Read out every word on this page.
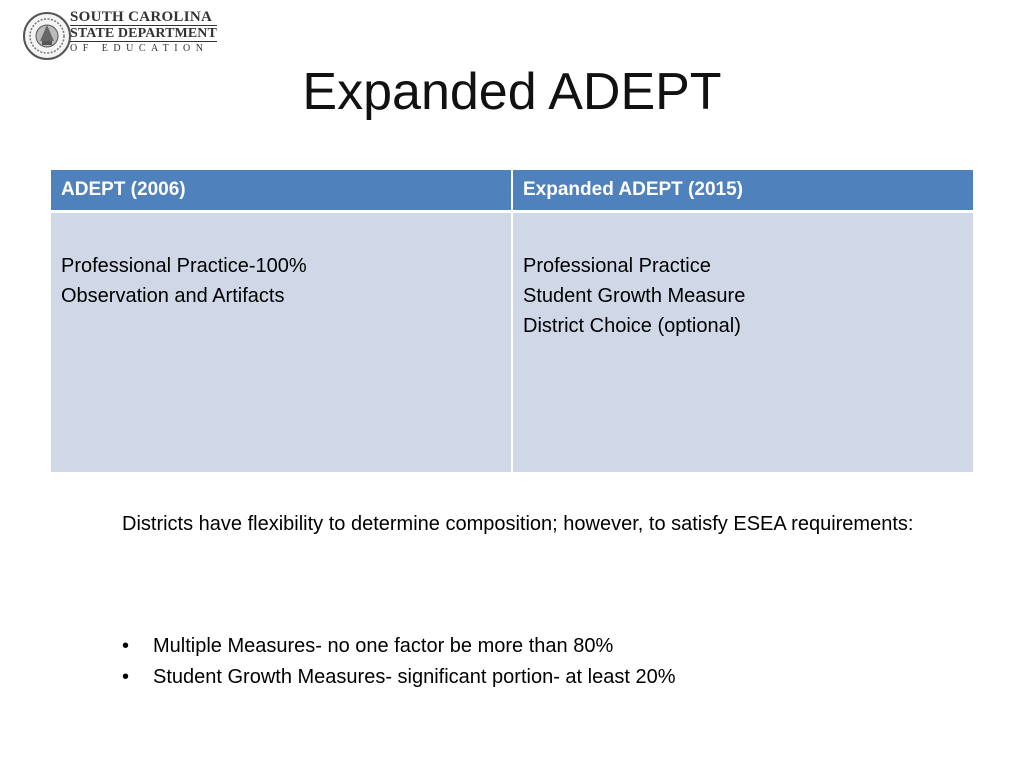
SOUTH CAROLINA
STATE DEPARTMENT
OF EDUCATION
Expanded ADEPT
ADEPT (2006)	Expanded ADEPT (2015)

Professional Practice-100%
Observation and Artifacts	Professional Practice
Student Growth Measure
District Choice (optional)
Districts have flexibility to determine composition; however, to satisfy ESEA requirements:
• Multiple Measures- no one factor be more than 80%
• Student Growth Measures- significant portion- at least 20%
